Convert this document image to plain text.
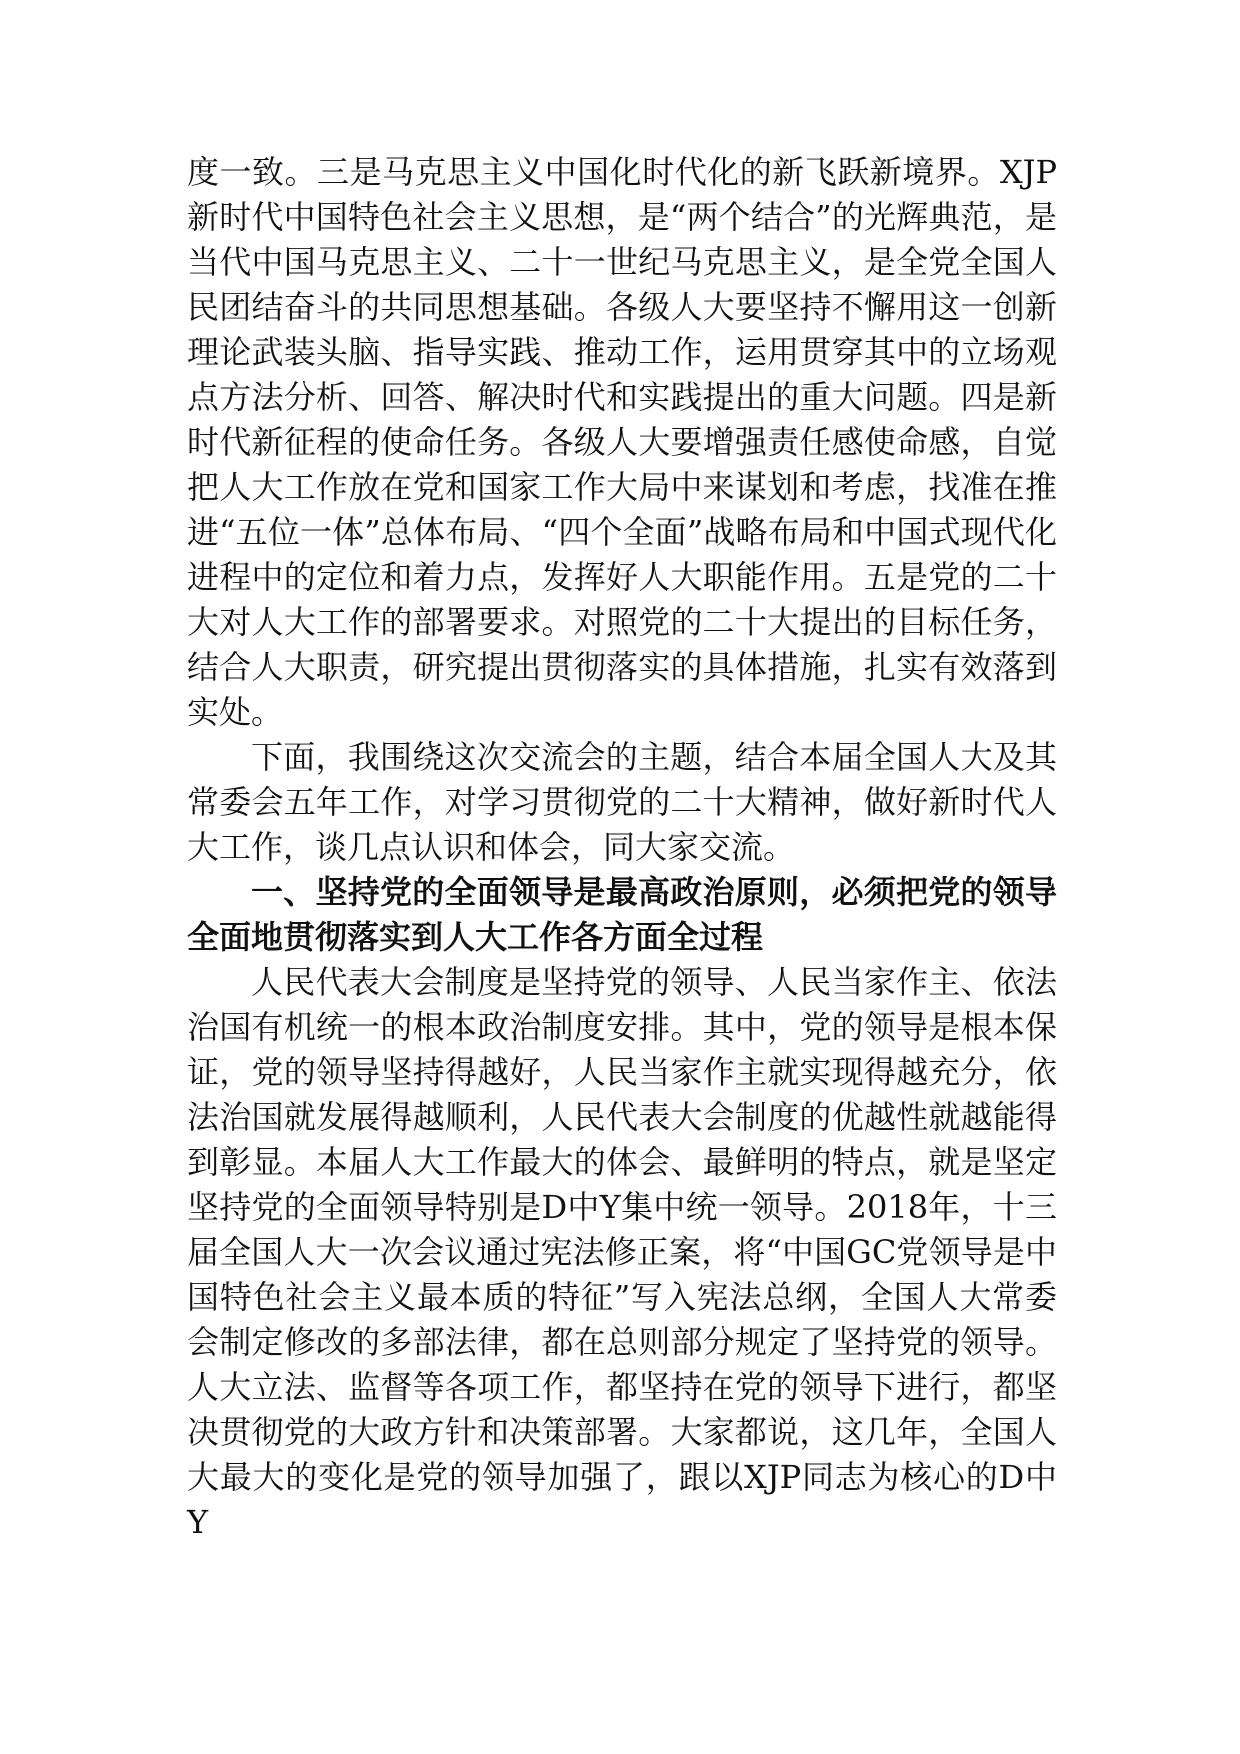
度一致。三是马克思主义中国化时代化的新飞跃新境界。XJP新时代中国特色社会主义思想，是“两个结合”的光辉典范，是当代中国马克思主义、二十一世纪马克思主义，是全党全国人民团结奋斗的共同思想基础。各级人大要坚持不懈用这一创新理论武装头脑、指导实践、推动工作，运用贯穿其中的立场观点方法分析、回答、解决时代和实践提出的重大问题。四是新时代新征程的使命任务。各级人大要增强责任感使命感，自觉把人大工作放在党和国家工作大局中来谋划和考虑，找准在推进“五位一体”总体布局、“四个全面”战略布局和中国式现代化进程中的定位和着力点，发挥好人大职能作用。五是党的二十大对人大工作的部署要求。对照党的二十大提出的目标任务，结合人大职责，研究提出贯彻落实的具体措施，扎实有效落到实处。

下面，我围绕这次交流会的主题，结合本届全国人大及其常委会五年工作，对学习贯彻党的二十大精神，做好新时代人大工作，谈几点认识和体会，同大家交流。

一、坚持党的全面领导是最高政治原则，必须把党的领导全面地贯彻落实到人大工作各方面全过程

人民代表大会制度是坚持党的领导、人民当家作主、依法治国有机统一的根本政治制度安排。其中，党的领导是根本保证，党的领导坚持得越好，人民当家作主就实现得越充分，依法治国就发展得越顺利，人民代表大会制度的优越性就越能得到彰显。本届人大工作最大的体会、最鲜明的特点，就是坚定坚持党的全面领导特别是D中Y集中统一领导。2018年，十三届全国人大一次会议通过宪法修正案，将“中国GC党领导是中国特色社会主义最本质的特征”写入宪法总纲，全国人大常委会制定修改的多部法律，都在总则部分规定了坚持党的领导。人大立法、监督等各项工作，都坚持在党的领导下进行，都坚决贯彻党的大政方针和决策部署。大家都说，这几年，全国人大最大的变化是党的领导加强了，跟以XJP同志为核心的D中Y
